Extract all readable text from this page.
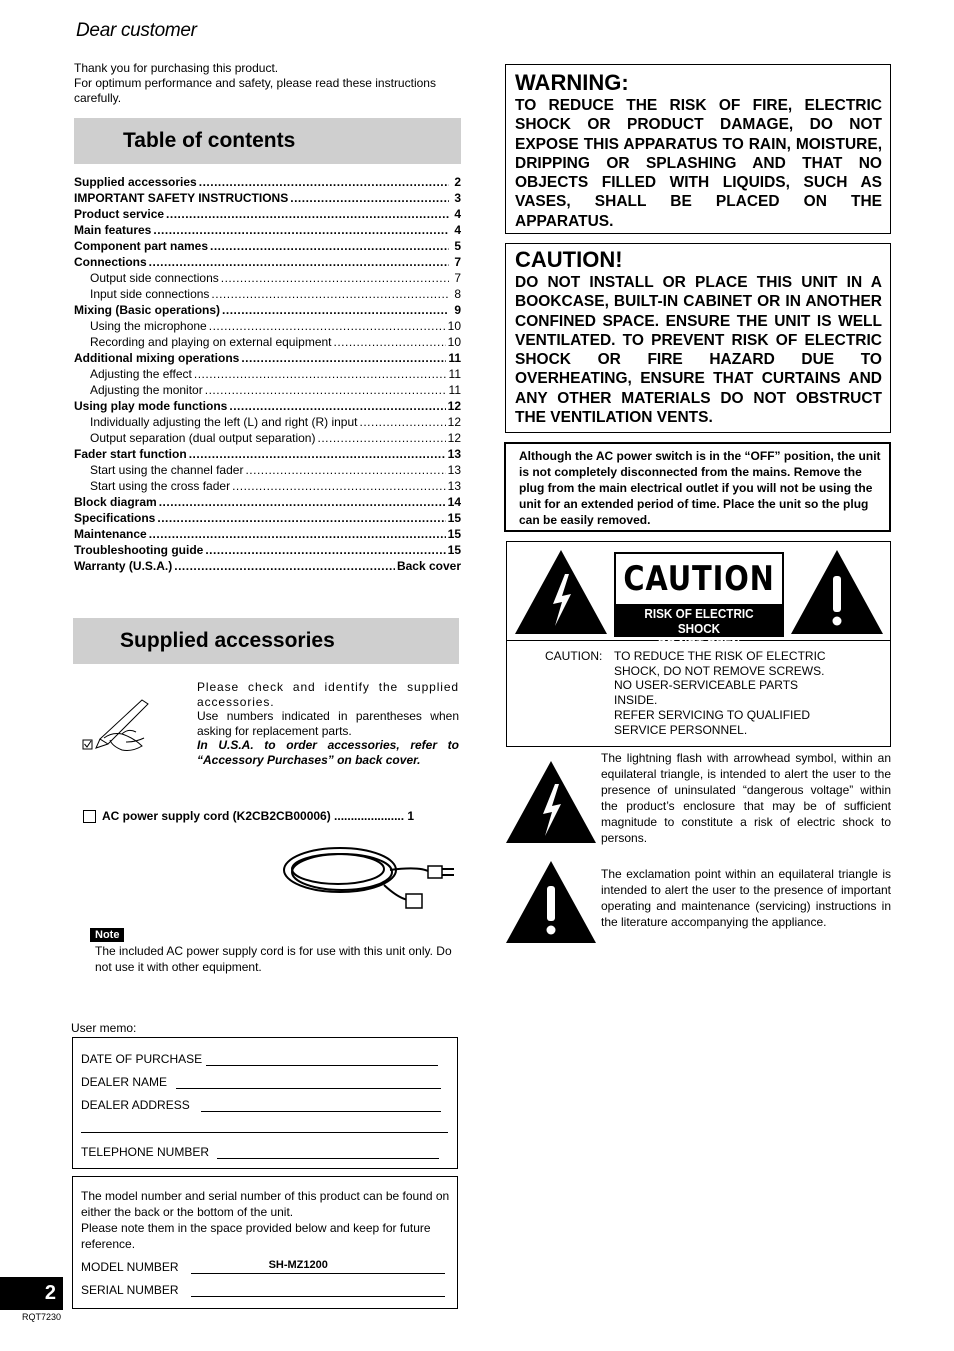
Dear customer
Thank you for purchasing this product.
For optimum performance and safety, please read these instructions carefully.
Table of contents
Supplied accessories .....	2
IMPORTANT SAFETY INSTRUCTIONS .....	3
Product service .....	4
Main features .....	4
Component part names .....	5
Connections .....	7
Output side connections .....	7
Input side connections .....	8
Mixing (Basic operations) .....	9
Using the microphone .....	10
Recording and playing on external equipment .....	10
Additional mixing operations .....	11
Adjusting the effect .....	11
Adjusting the monitor .....	11
Using play mode functions .....	12
Individually adjusting the left (L) and right (R) input .....	12
Output separation (dual output separation) .....	12
Fader start function .....	13
Start using the channel fader .....	13
Start using the cross fader .....	13
Block diagram .....	14
Specifications .....	15
Maintenance .....	15
Troubleshooting guide .....	15
Warranty (U.S.A.) .....	Back cover
Supplied accessories

Please check and identify the supplied accessories.

Use numbers indicated in parentheses when asking for replacement parts.

In U.S.A. to order accessories, refer to “Accessory Purchases” on back cover.

AC power supply cord (K2CB2CB00006) ..................... 1
Note
The included AC power supply cord is for use with this unit only. Do not use it with other equipment.
User memo:
DATE OF PURCHASE
DEALER NAME
DEALER ADDRESS
TELEPHONE NUMBER
The model number and serial number of this product can be found on either the back or the bottom of the unit.
Please note them in the space provided below and keep for future reference.
MODEL NUMBER	SH-MZ1200
SERIAL NUMBER
2
RQT7230
WARNING:
TO REDUCE THE RISK OF FIRE, ELECTRIC SHOCK OR PRODUCT DAMAGE, DO NOT EXPOSE THIS APPARATUS TO RAIN, MOISTURE, DRIPPING OR SPLASHING AND THAT NO OBJECTS FILLED WITH LIQUIDS, SUCH AS VASES, SHALL BE PLACED ON THE APPARATUS.
CAUTION!
DO NOT INSTALL OR PLACE THIS UNIT IN A BOOKCASE, BUILT-IN CABINET OR IN ANOTHER CONFINED SPACE. ENSURE THE UNIT IS WELL VENTILATED. TO PREVENT RISK OF ELECTRIC SHOCK OR FIRE HAZARD DUE TO OVERHEATING, ENSURE THAT CURTAINS AND ANY OTHER MATERIALS DO NOT OBSTRUCT THE VENTILATION VENTS.

Although the AC power switch is in the “OFF” position, the unit is not completely disconnected from the mains. Remove the plug from the main electrical outlet if you will not be using the unit for an extended period of time. Place the unit so the plug can be easily removed.

CAUTION
RISK OF ELECTRIC SHOCK
DO NOT OPEN
CAUTION: TO REDUCE THE RISK OF ELECTRIC
SHOCK, DO NOT REMOVE SCREWS.
NO USER-SERVICEABLE PARTS
INSIDE.
REFER SERVICING TO QUALIFIED
SERVICE PERSONNEL.
The lightning flash with arrowhead symbol, within an equilateral triangle, is intended to alert the user to the presence of uninsulated “dangerous voltage” within the product’s enclosure that may be of sufficient magnitude to constitute a risk of electric shock to persons.
The exclamation point within an equilateral triangle is intended to alert the user to the presence of important operating and maintenance (servicing) instructions in the literature accompanying the appliance.
